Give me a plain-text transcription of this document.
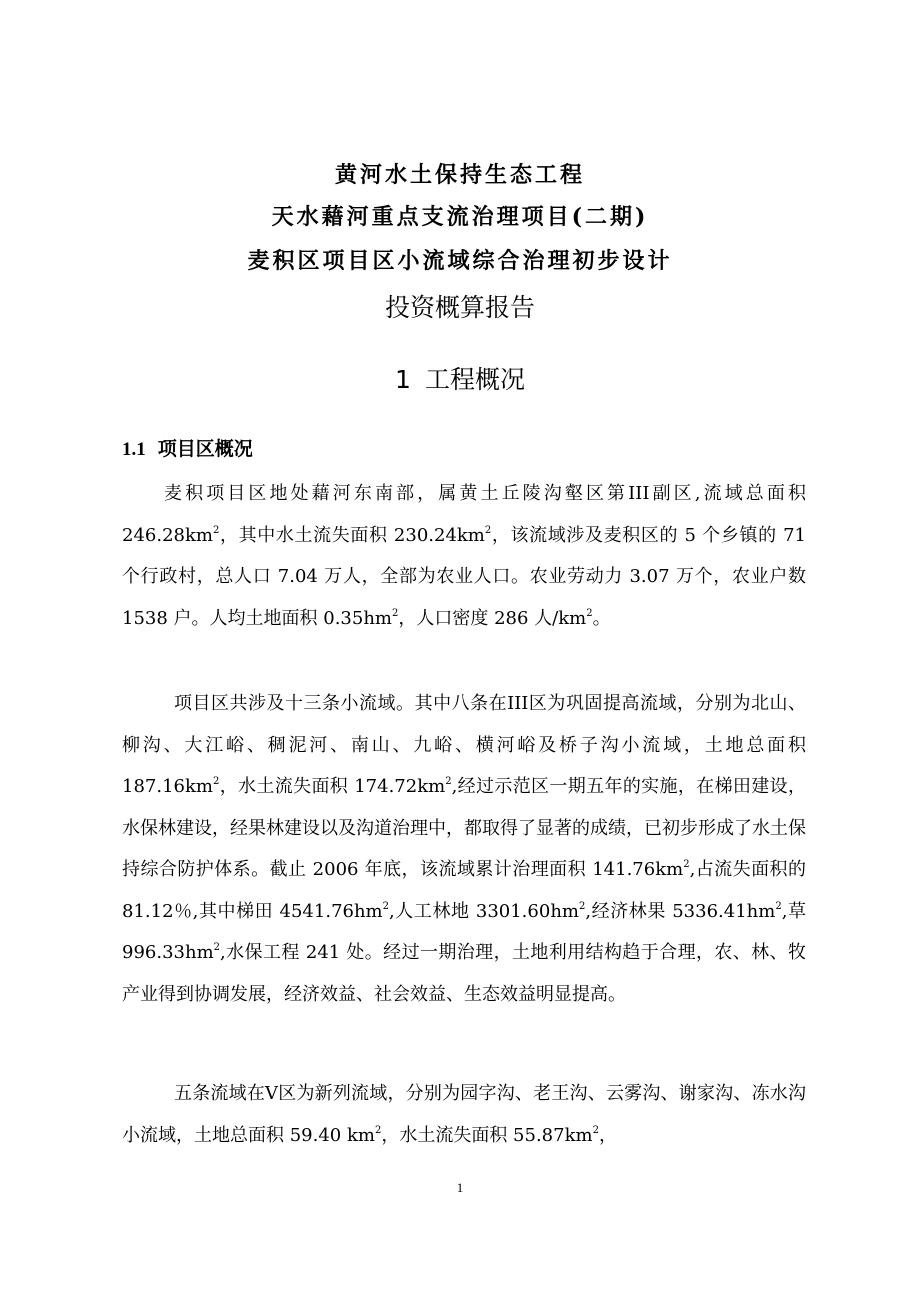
黄河水土保持生态工程
天水藉河重点支流治理项目(二期)
麦积区项目区小流域综合治理初步设计
投资概算报告
1 工程概况
1.1 项目区概况

麦积项目区地处藉河东南部，属黄土丘陵沟壑区第III副区,流域总面积 $246.28km^2$，其中水土流失面积 $230.24km^2$，该流域涉及麦积区的 5 个乡镇的 71 个行政村，总人口 7.04 万人，全部为农业人口。农业劳动力 3.07 万个，农业户数 1538 户。人均土地面积 $0.35hm^2$，人口密度 286 人$/km^2$。

项目区共涉及十三条小流域。其中八条在III区为巩固提高流域，分别为北山、柳沟、大江峪、稠泥河、南山、九峪、横河峪及桥子沟小流域，土地总面积 $187.16km^2$，水土流失面积 $174.72km^2$,经过示范区一期五年的实施，在梯田建设，水保林建设，经果林建设以及沟道治理中，都取得了显著的成绩，已初步形成了水土保持综合防护体系。截止 2006 年底，该流域累计治理面积 $141.76km^2$,占流失面积的 81.12％,其中梯田 $4541.76hm^2$,人工林地 $3301.60hm^2$,经济林果 $5336.41hm^2$,草 $996.33hm^2$,水保工程 241 处。经过一期治理，土地利用结构趋于合理，农、林、牧产业得到协调发展，经济效益、社会效益、生态效益明显提高。

五条流域在Ⅴ区为新列流域，分别为园字沟、老王沟、云雾沟、谢家沟、冻水沟小流域，土地总面积 59.40 $km^2$，水土流失面积 $55.87km^2$，

1
